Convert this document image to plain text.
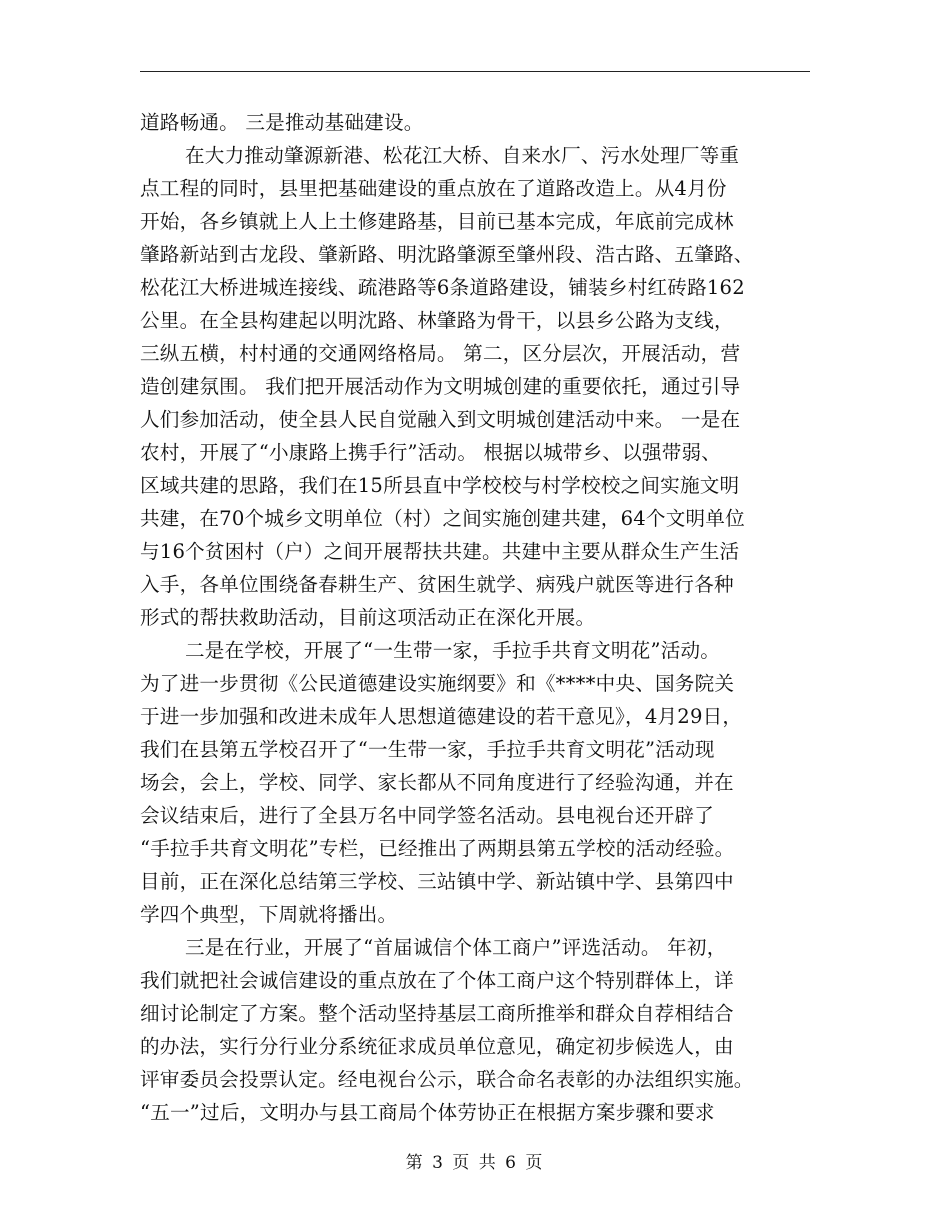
道路畅通。 三是推动基础建设。
在大力推动肇源新港、松花江大桥、自来水厂、污水处理厂等重
点工程的同时，县里把基础建设的重点放在了道路改造上。从4月份
开始，各乡镇就上人上土修建路基，目前已基本完成，年底前完成林
肇路新站到古龙段、肇新路、明沈路肇源至肇州段、浩古路、五肇路、
松花江大桥进城连接线、疏港路等6条道路建设，铺装乡村红砖路162
公里。在全县构建起以明沈路、林肇路为骨干，以县乡公路为支线，
三纵五横，村村通的交通网络格局。 第二，区分层次，开展活动，营
造创建氛围。 我们把开展活动作为文明城创建的重要依托，通过引导
人们参加活动，使全县人民自觉融入到文明城创建活动中来。 一是在
农村，开展了“小康路上携手行”活动。 根据以城带乡、以强带弱、
区域共建的思路，我们在15所县直中学校校与村学校校之间实施文明
共建，在70个城乡文明单位（村）之间实施创建共建，64个文明单位
与16个贫困村（户）之间开展帮扶共建。共建中主要从群众生产生活
入手，各单位围绕备春耕生产、贫困生就学、病残户就医等进行各种
形式的帮扶救助活动，目前这项活动正在深化开展。
二是在学校，开展了“一生带一家，手拉手共育文明花”活动。
为了进一步贯彻《公民道德建设实施纲要》和《****中央、国务院关
于进一步加强和改进未成年人思想道德建设的若干意见》，4月29日，
我们在县第五学校召开了“一生带一家，手拉手共育文明花”活动现
场会，会上，学校、同学、家长都从不同角度进行了经验沟通，并在
会议结束后，进行了全县万名中同学签名活动。县电视台还开辟了
“手拉手共育文明花”专栏，已经推出了两期县第五学校的活动经验。
目前，正在深化总结第三学校、三站镇中学、新站镇中学、县第四中
学四个典型，下周就将播出。
三是在行业，开展了“首届诚信个体工商户”评选活动。 年初，
我们就把社会诚信建设的重点放在了个体工商户这个特别群体上，详
细讨论制定了方案。整个活动坚持基层工商所推举和群众自荐相结合
的办法，实行分行业分系统征求成员单位意见，确定初步候选人，由
评审委员会投票认定。经电视台公示，联合命名表彰的办法组织实施。
“五一”过后，文明办与县工商局个体劳协正在根据方案步骤和要求
第 3 页 共 6 页
